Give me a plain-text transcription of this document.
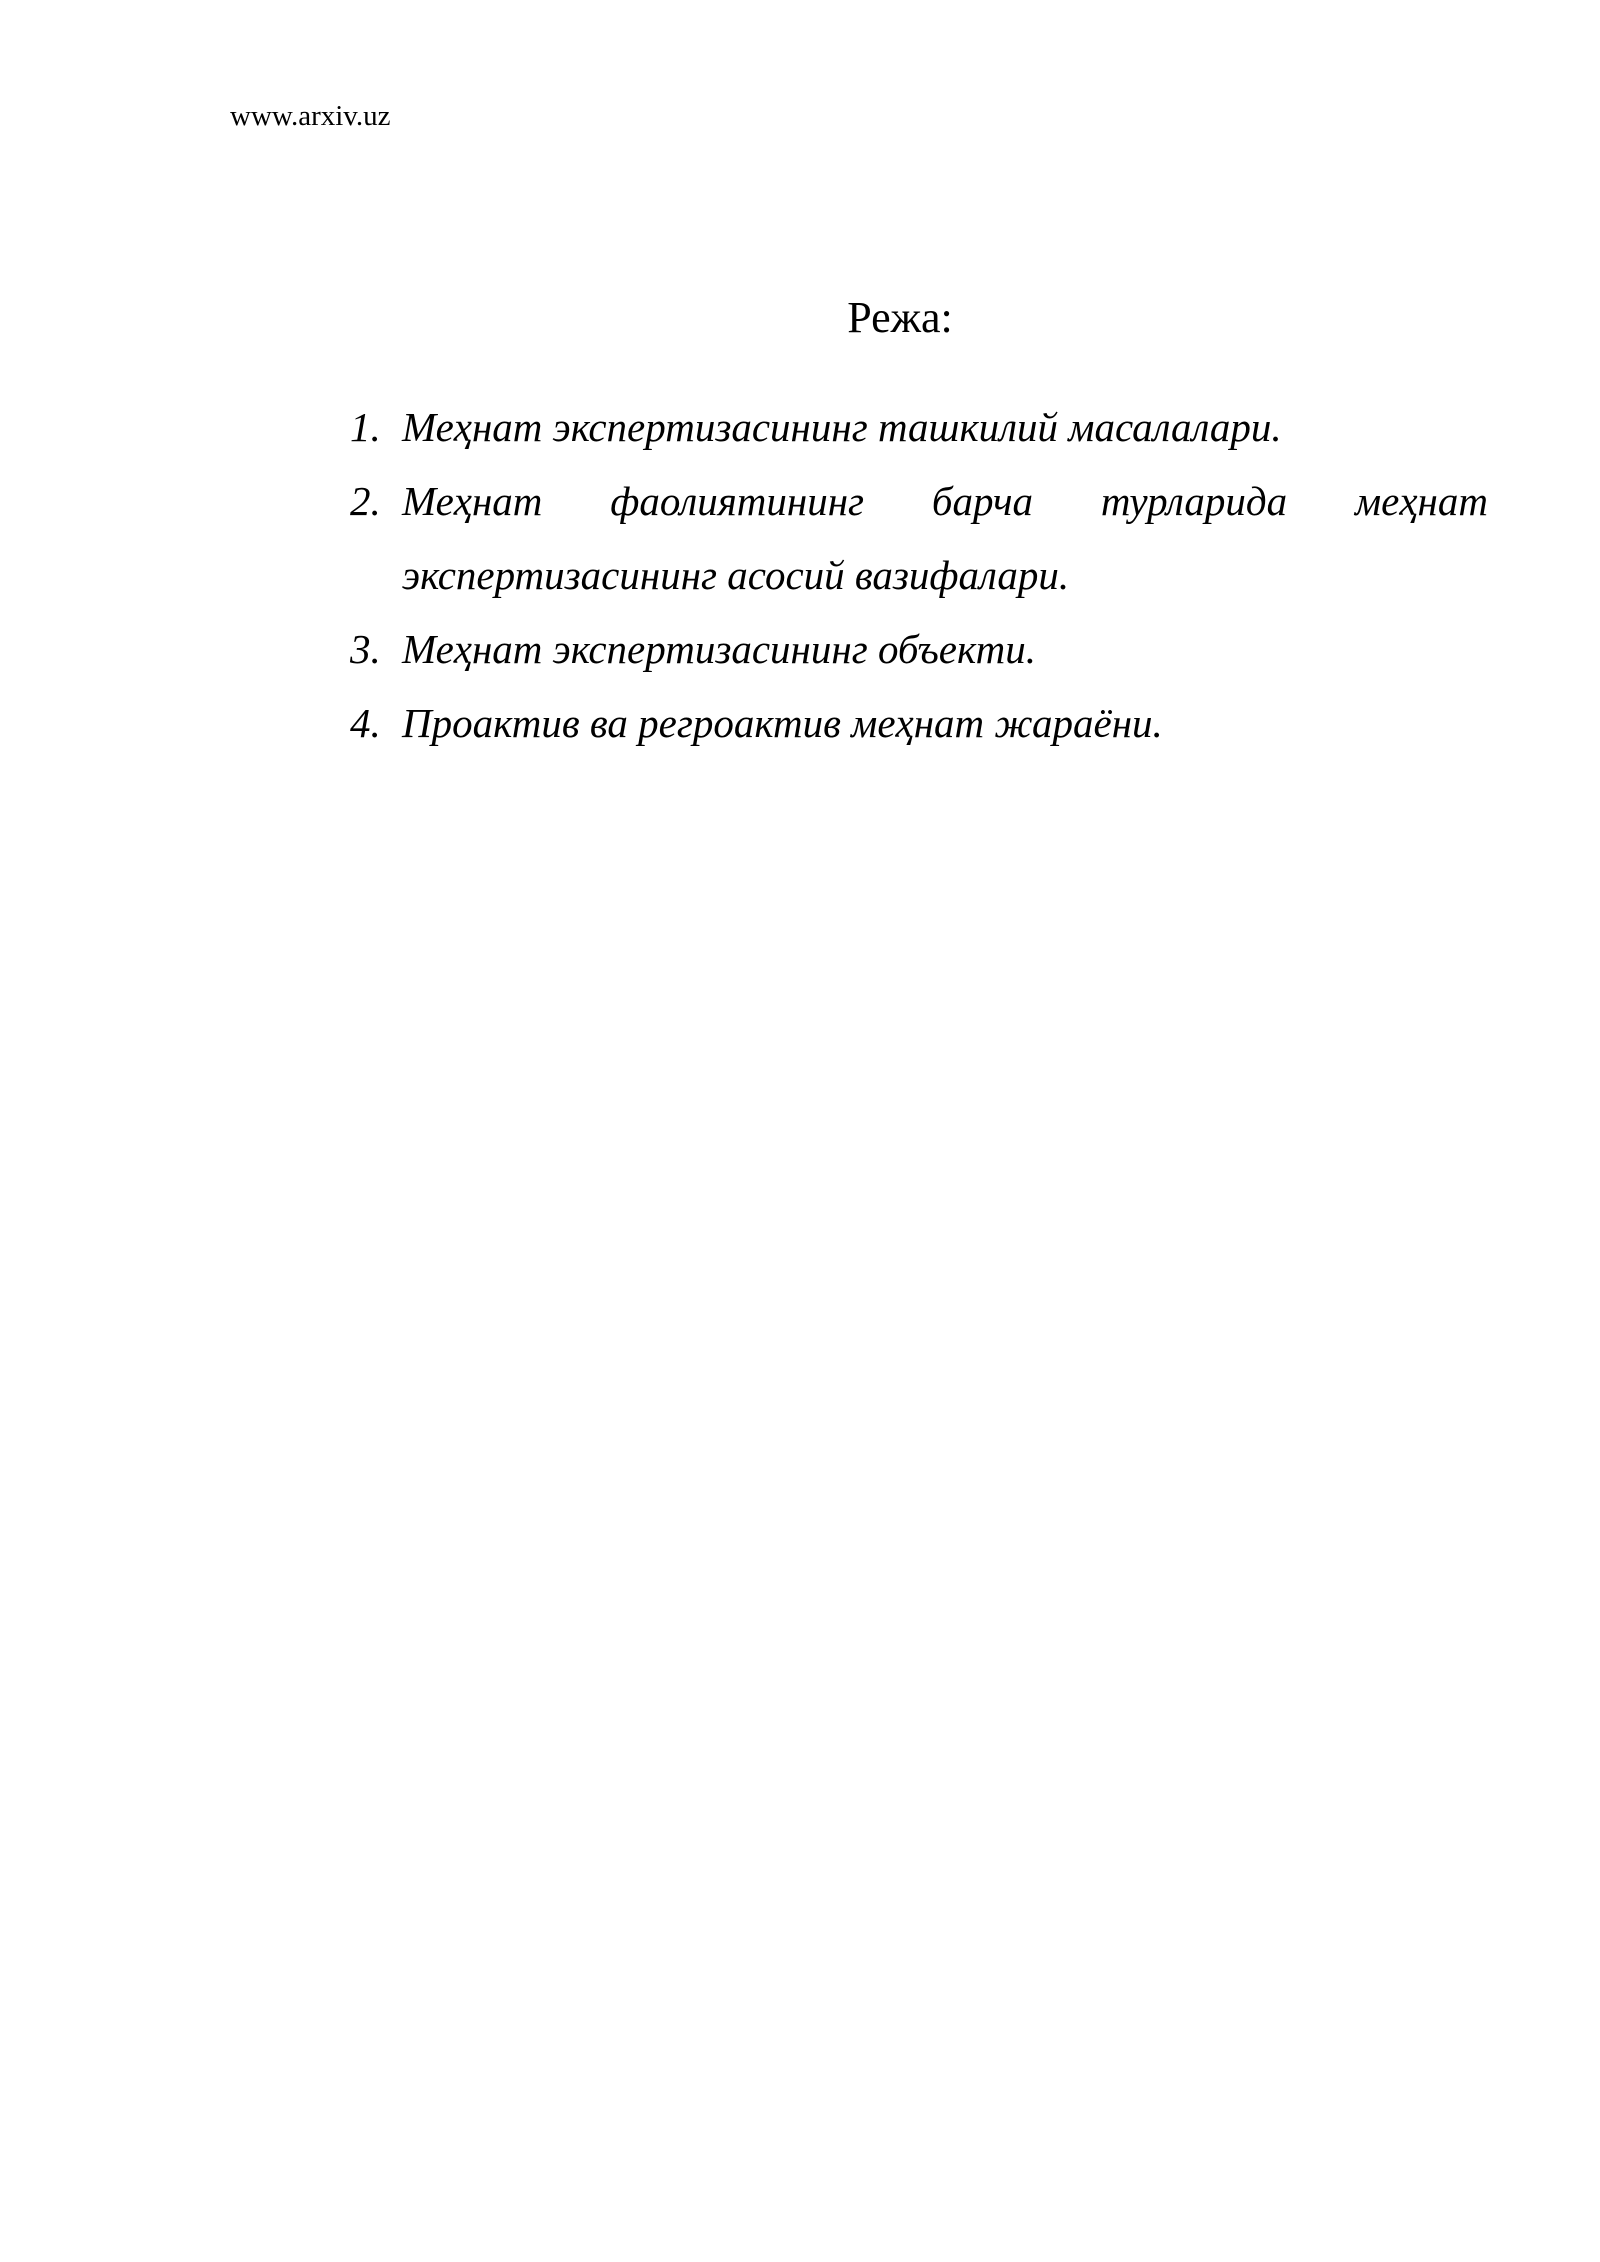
www.arxiv.uz
Режа:
1. Меҳнат экспертизасининг ташкилий масалалари.
2. Меҳнат фаолиятининг барча турларида меҳнат экспертизасининг асосий вазифалари.
3. Меҳнат экспертизасининг объекти.
4. Проактив ва регроактив меҳнат жараёни.
